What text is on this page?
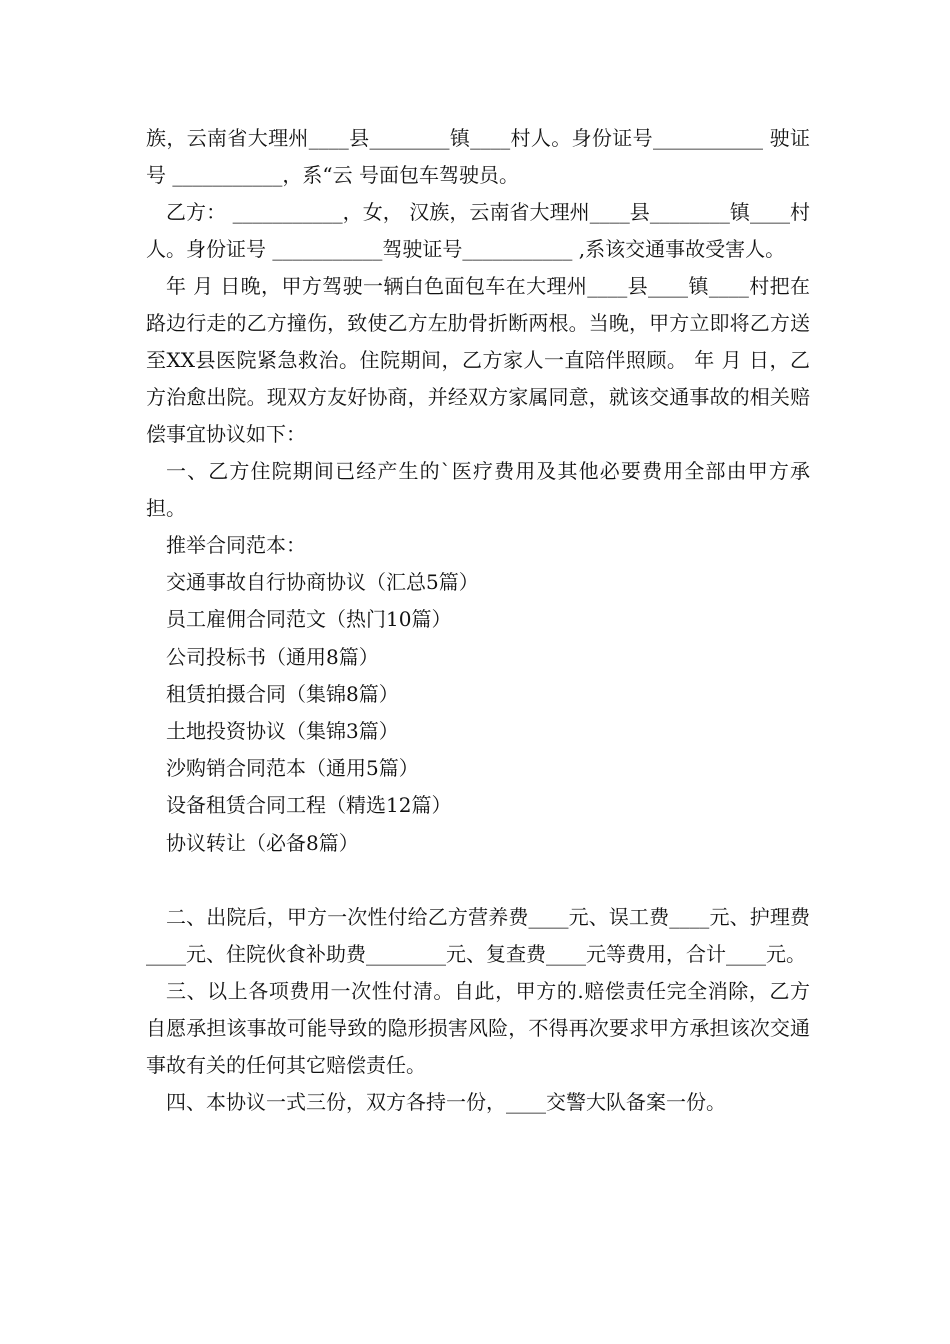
族，云南省大理州____县________镇____村人。身份证号___________ 驶证号 ___________，系“云 号面包车驾驶员。

乙方： ___________，女， 汉族，云南省大理州____县________镇____村人。身份证号 ___________驾驶证号___________ ,系该交通事故受害人。

年 月 日晚，甲方驾驶一辆白色面包车在大理州____县____镇____村把在路边行走的乙方撞伤，致使乙方左肋骨折断两根。当晚，甲方立即将乙方送至XX县医院紧急救治。住院期间，乙方家人一直陪伴照顾。 年 月 日，乙方治愈出院。现双方友好协商，并经双方家属同意，就该交通事故的相关赔偿事宜协议如下：

一、乙方住院期间已经产生的`医疗费用及其他必要费用全部由甲方承担。

推举合同范本：

交通事故自行协商协议（汇总5篇）

员工雇佣合同范文（热门10篇）

公司投标书（通用8篇）

租赁拍摄合同（集锦8篇）

土地投资协议（集锦3篇）

沙购销合同范本（通用5篇）

设备租赁合同工程（精选12篇）

协议转让（必备8篇）

二、出院后，甲方一次性付给乙方营养费____元、误工费____元、护理费____元、住院伙食补助费________元、复查费____元等费用，合计____元。

三、以上各项费用一次性付清。自此，甲方的.赔偿责任完全消除，乙方自愿承担该事故可能导致的隐形损害风险，不得再次要求甲方承担该次交通事故有关的任何其它赔偿责任。

四、本协议一式三份，双方各持一份，____交警大队备案一份。
